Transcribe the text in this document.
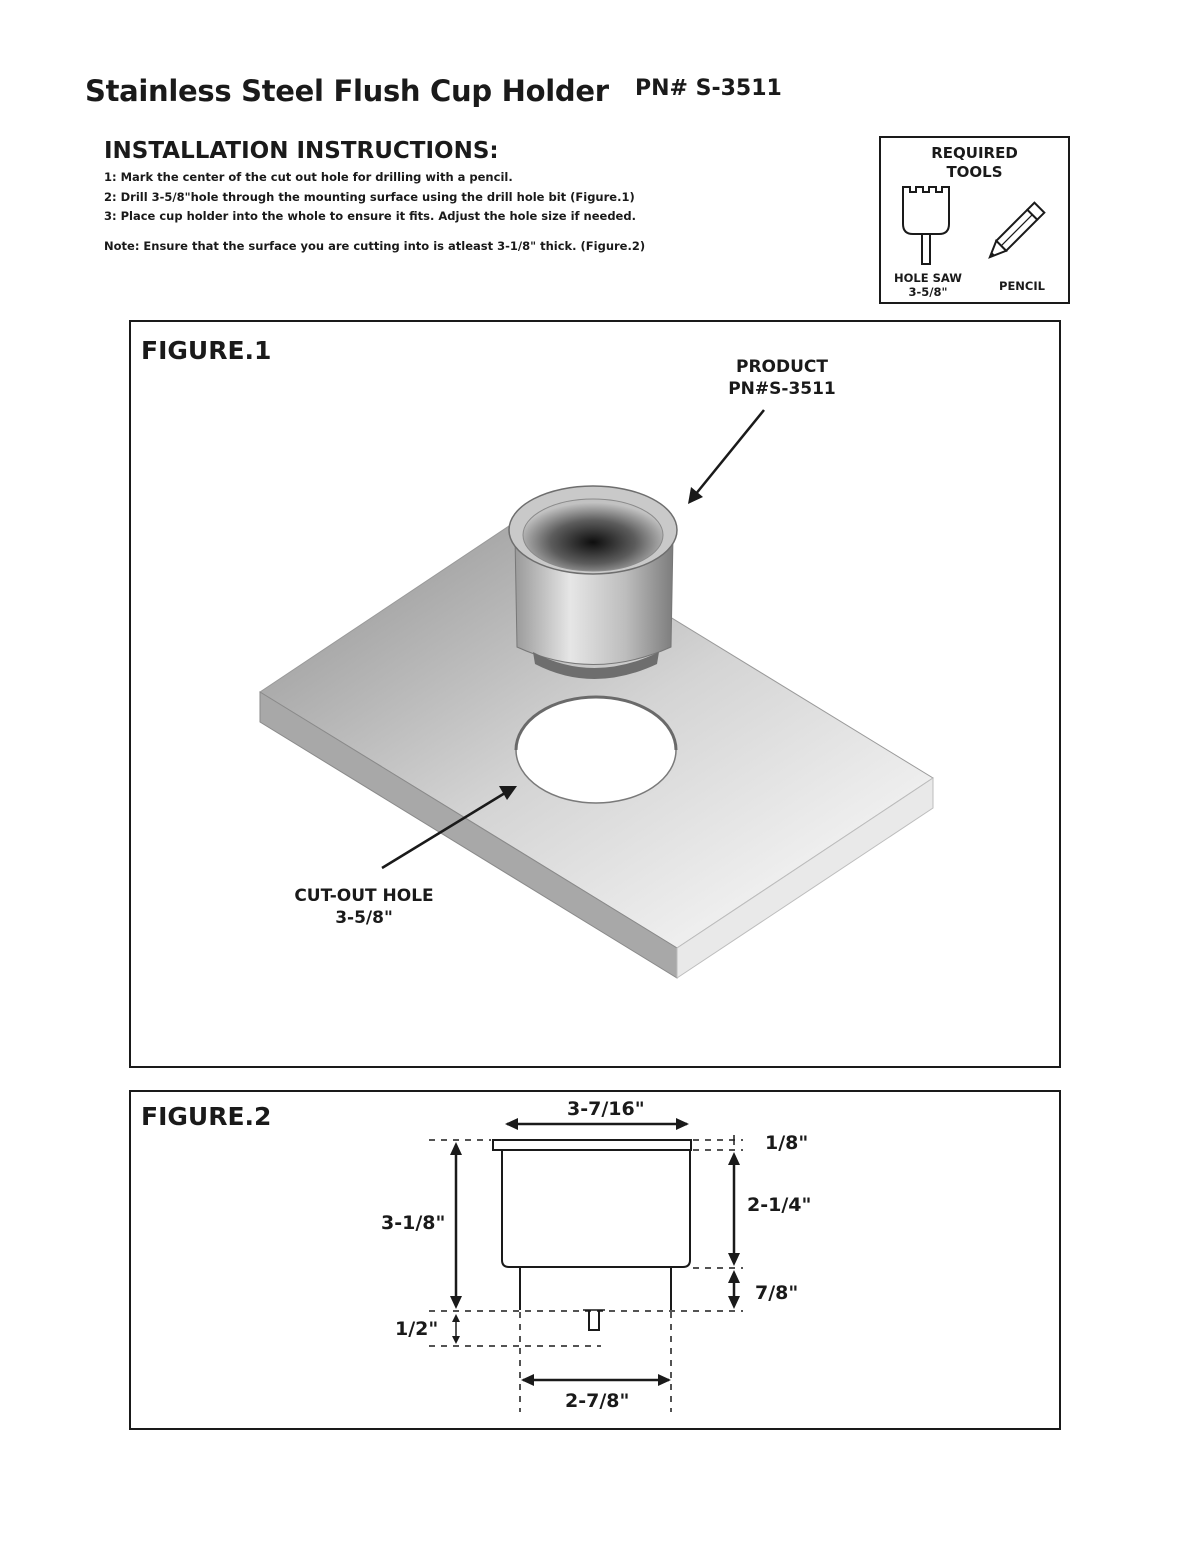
Stainless Steel Flush Cup Holder PN# S-3511
INSTALLATION INSTRUCTIONS:
1: Mark the center of the cut out hole for drilling with a pencil.
2: Drill 3-5/8"hole through the mounting surface using the drill hole bit (Figure.1)
3: Place cup holder into the whole to ensure it fits. Adjust the hole size if needed.
Note: Ensure that the surface you are cutting into is atleast 3-1/8" thick. (Figure.2)
REQUIRED
TOOLS
HOLE SAW
3-5/8"	PENCIL
FIGURE.1
PRODUCT
PN#S-3511
CUT-OUT HOLE
3-5/8"
FIGURE.2	3-7/16"
1/8"
2-1/4"
7/8"
3-1/8"
1/2"
2-7/8"
